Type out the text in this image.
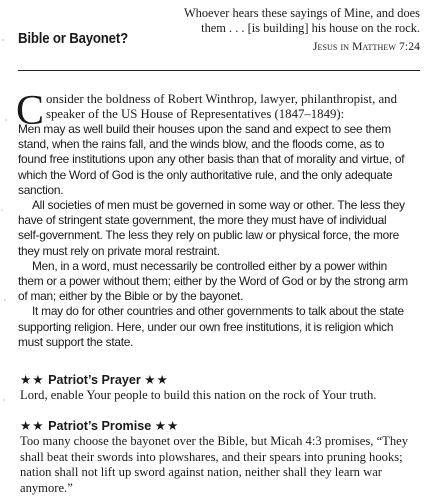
Bible or Bayonet?
Whoever hears these sayings of Mine, and does
them . . . [is building] his house on the rock.
Jesus in Matthew 7:24
Consider the boldness of Robert Winthrop, lawyer, philanthropist, and speaker of the US House of Representatives (1847–1849):

Men may as well build their houses upon the sand and expect to see them stand, when the rains fall, and the winds blow, and the floods come, as to found free institutions upon any other basis than that of morality and virtue, of which the Word of God is the only authoritative rule, and the only adequate sanction.

All societies of men must be governed in some way or other. The less they have of stringent state government, the more they must have of individual self-government. The less they rely on public law or physical force, the more they must rely on private moral restraint.

Men, in a word, must necessarily be controlled either by a power within them or a power without them; either by the Word of God or by the strong arm of man; either by the Bible or by the bayonet.

It may do for other countries and other governments to talk about the state supporting religion. Here, under our own free institutions, it is religion which must support the state.

★★ Patriot’s Prayer ★★
Lord, enable Your people to build this nation on the rock of Your truth.
★★ Patriot’s Promise ★★
Too many choose the bayonet over the Bible, but Micah 4:3 promises, “They shall beat their swords into plowshares, and their spears into pruning hooks; nation shall not lift up sword against nation, neither shall they learn war anymore.”
